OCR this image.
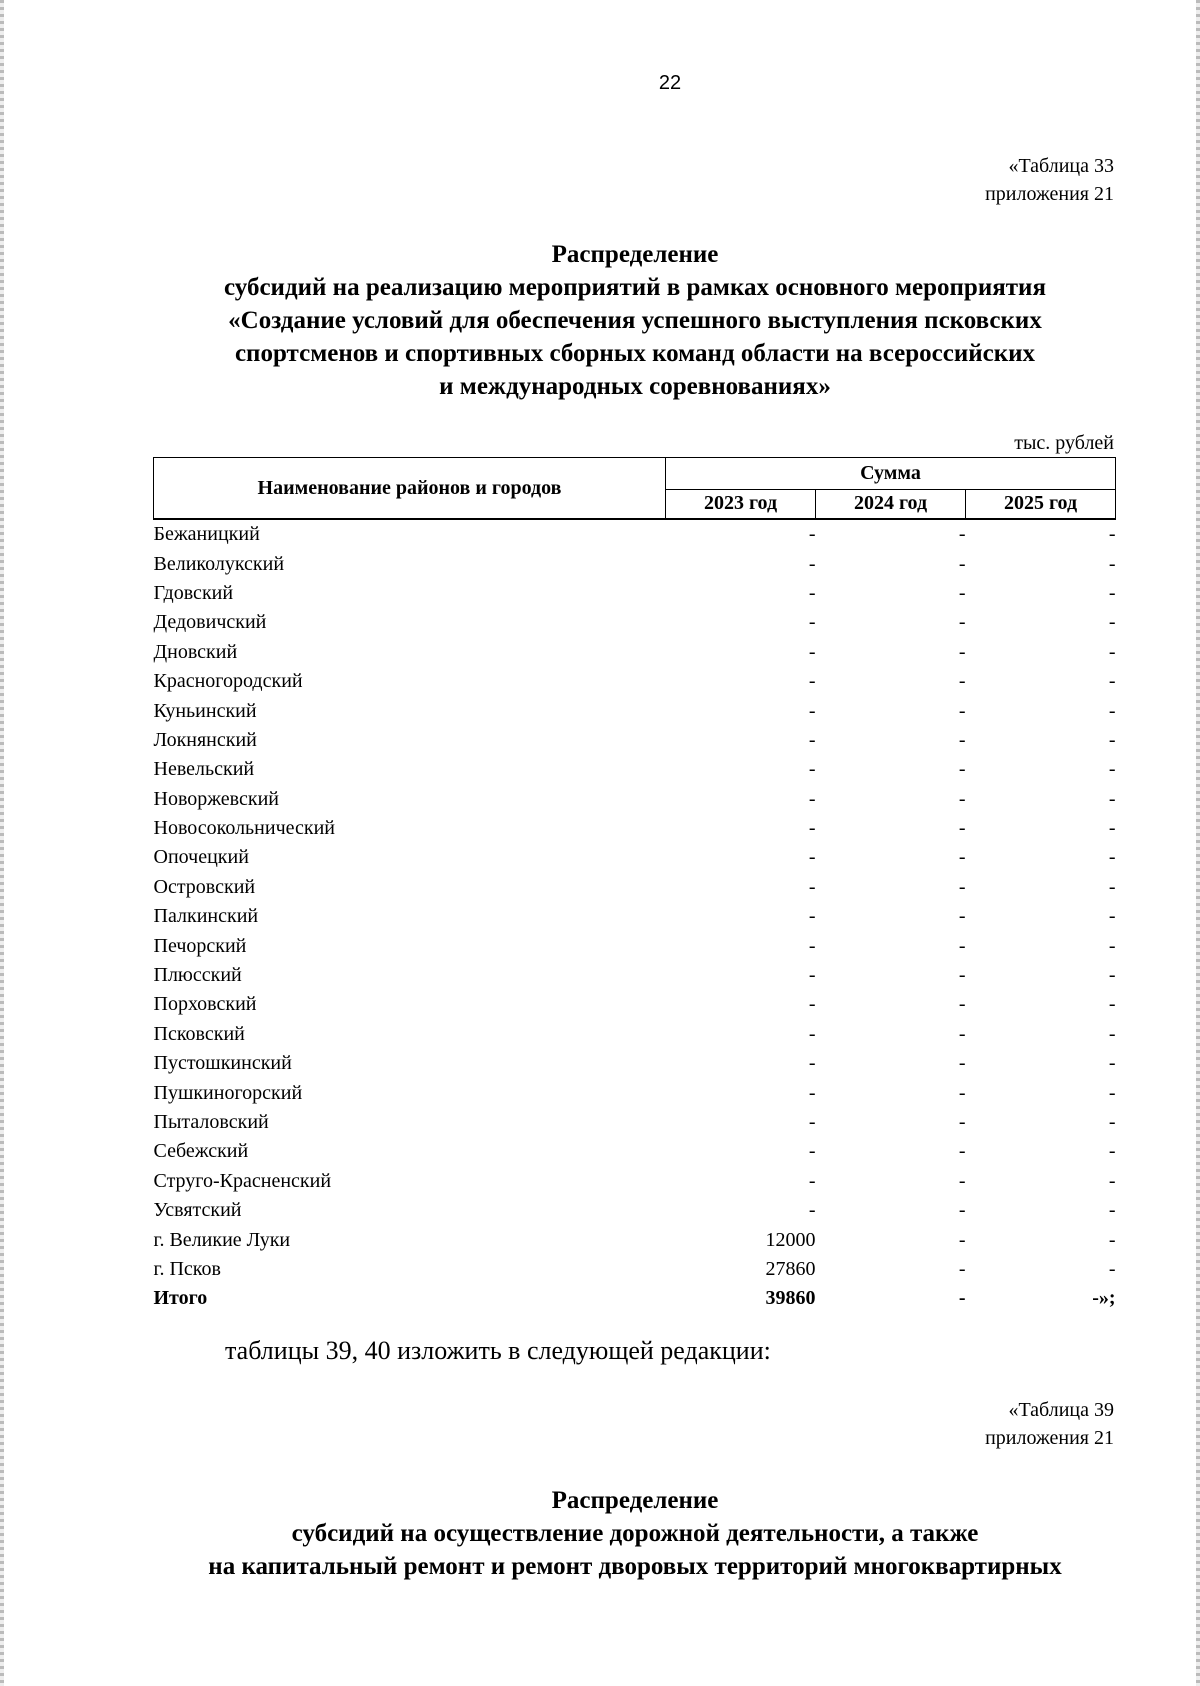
22
«Таблица 33
приложения 21
Распределение
субсидий на реализацию мероприятий в рамках основного мероприятия
«Создание условий для обеспечения успешного выступления псковских
спортсменов и спортивных сборных команд области на всероссийских
и международных соревнованиях»
тыс. рублей
Наименование районов и городов	Сумма		
	2023 год	2024 год	2025 год
Бежаницкий	-	-	-
Великолукский	-	-	-
Гдовский	-	-	-
Дедовичский	-	-	-
Дновский	-	-	-
Красногородский	-	-	-
Куньинский	-	-	-
Локнянский	-	-	-
Невельский	-	-	-
Новоржевский	-	-	-
Новосокольнический	-	-	-
Опочецкий	-	-	-
Островский	-	-	-
Палкинский	-	-	-
Печорский	-	-	-
Плюсский	-	-	-
Порховский	-	-	-
Псковский	-	-	-
Пустошкинский	-	-	-
Пушкиногорский	-	-	-
Пыталовский	-	-	-
Себежский	-	-	-
Струго-Красненский	-	-	-
Усвятский	-	-	-
г. Великие Луки	12000	-	-
г. Псков	27860	-	-
Итого	39860	-	-»;
таблицы 39, 40 изложить в следующей редакции:
«Таблица 39
приложения 21
Распределение
субсидий на осуществление дорожной деятельности, а также
на капитальный ремонт и ремонт дворовых территорий многоквартирных
